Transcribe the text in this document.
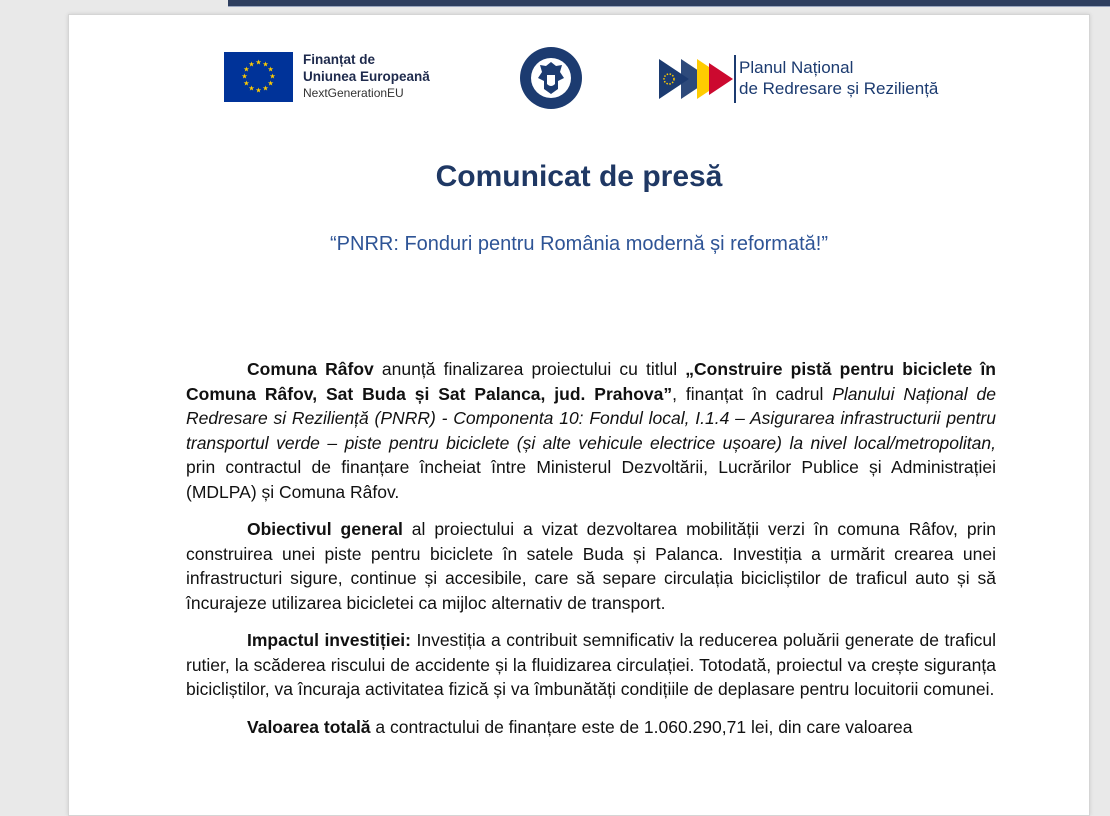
★ ★
★
★
★
★
★
★
★
★
★
★	Finanțat de
Uniunea Europeană
NextGenerationEU
Planul Național
de Redresare și Reziliență
Comunicat de presă
“PNRR: Fonduri pentru România modernă și reformată!”

Comuna Râfov anunță finalizarea proiectului cu titlul „Construire pistă pentru biciclete în Comuna Râfov, Sat Buda și Sat Palanca, jud. Prahova”, finanțat în cadrul Planului Național de Redresare si Reziliență (PNRR) - Componenta 10: Fondul local, I.1.4 – Asigurarea infrastructurii pentru transportul verde – piste pentru biciclete (și alte vehicule electrice ușoare) la nivel local/metropolitan, prin contractul de finanțare încheiat între Ministerul Dezvoltării, Lucrărilor Publice și Administrației (MDLPA) și Comuna Râfov.

Obiectivul general al proiectului a vizat dezvoltarea mobilității verzi în comuna Râfov, prin construirea unei piste pentru biciclete în satele Buda și Palanca. Investiția a urmărit crearea unei infrastructuri sigure, continue și accesibile, care să separe circulația bicicliștilor de traficul auto și să încurajeze utilizarea bicicletei ca mijloc alternativ de transport.

Impactul investiției: Investiția a contribuit semnificativ la reducerea poluării generate de traficul rutier, la scăderea riscului de accidente și la fluidizarea circulației. Totodată, proiectul va crește siguranța bicicliștilor, va încuraja activitatea fizică și va îmbunătăți condițiile de deplasare pentru locuitorii comunei.

Valoarea totală a contractului de finanțare este de 1.060.290,71 lei, din care valoarea
